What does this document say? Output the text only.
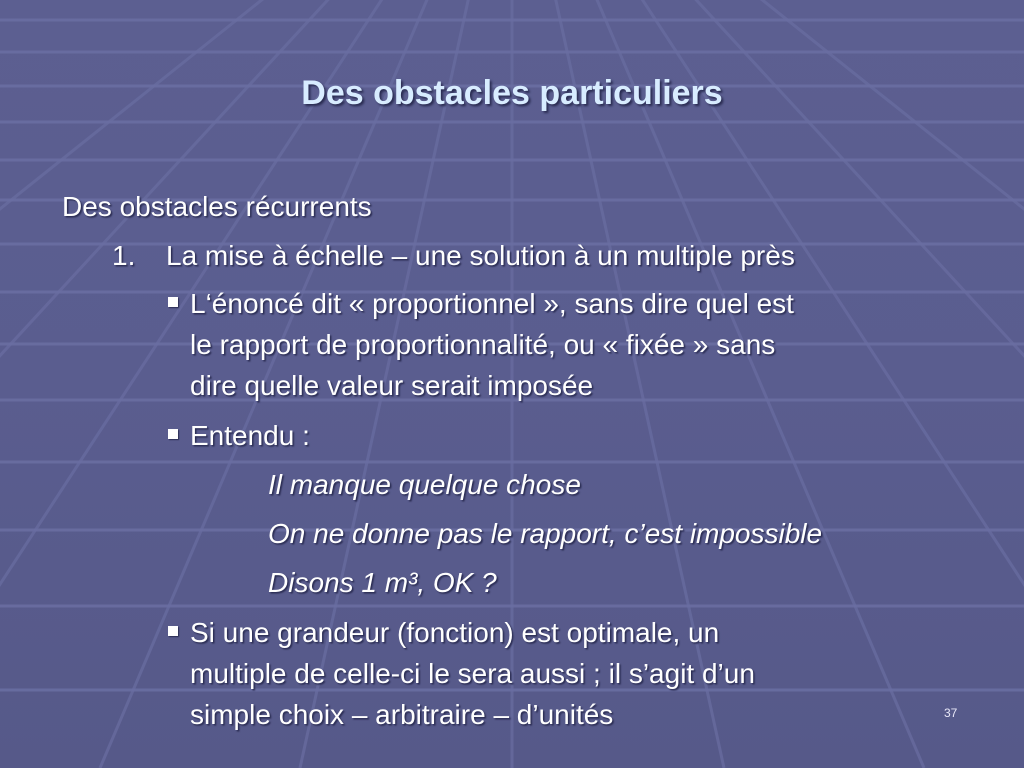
Des obstacles particuliers
Des obstacles récurrents
1. La mise à échelle – une solution à un multiple près
L‘énoncé dit « proportionnel », sans dire quel est
le rapport de proportionnalité, ou « fixée » sans
dire quelle valeur serait imposée
Entendu :
Il manque quelque chose
On ne donne pas le rapport, c’est impossible
Disons 1 m³, OK ?
Si une grandeur (fonction) est optimale, un
multiple de celle-ci le sera aussi ; il s’agit d’un
simple choix – arbitraire – d’unités	37
